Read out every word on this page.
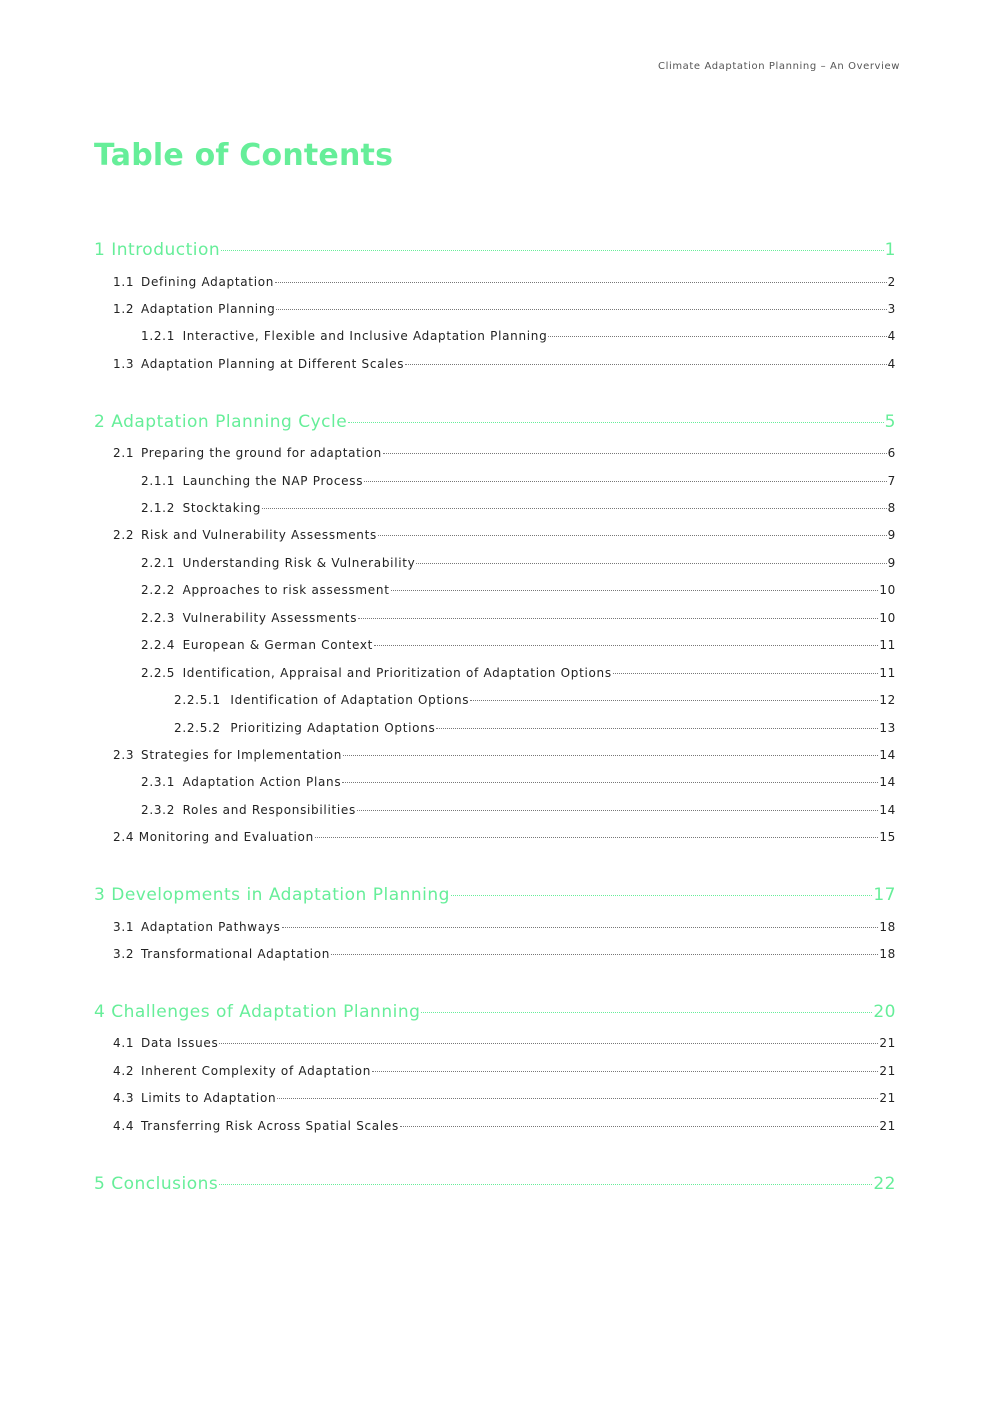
Climate Adaptation Planning – An Overview
Table of Contents
1 Introduction	1
1.1 Defining Adaptation	2
1.2 Adaptation Planning	3
1.2.1 Interactive, Flexible and Inclusive Adaptation Planning	4
1.3 Adaptation Planning at Different Scales	4
2 Adaptation Planning Cycle	5
2.1 Preparing the ground for adaptation	6
2.1.1 Launching the NAP Process	7
2.1.2 Stocktaking	8
2.2 Risk and Vulnerability Assessments	9
2.2.1 Understanding Risk & Vulnerability	9
2.2.2 Approaches to risk assessment	10
2.2.3 Vulnerability Assessments	10
2.2.4 European & German Context	11
2.2.5 Identification, Appraisal and Prioritization of Adaptation Options	11
2.2.5.1 Identification of Adaptation Options	12
2.2.5.2 Prioritizing Adaptation Options	13
2.3 Strategies for Implementation	14
2.3.1 Adaptation Action Plans	14
2.3.2 Roles and Responsibilities	14
2.4 Monitoring and Evaluation	15
3 Developments in Adaptation Planning	17
3.1 Adaptation Pathways	18
3.2 Transformational Adaptation	18
4 Challenges of Adaptation Planning	20
4.1 Data Issues	21
4.2 Inherent Complexity of Adaptation	21
4.3 Limits to Adaptation	21
4.4 Transferring Risk Across Spatial Scales	21
5 Conclusions	22
